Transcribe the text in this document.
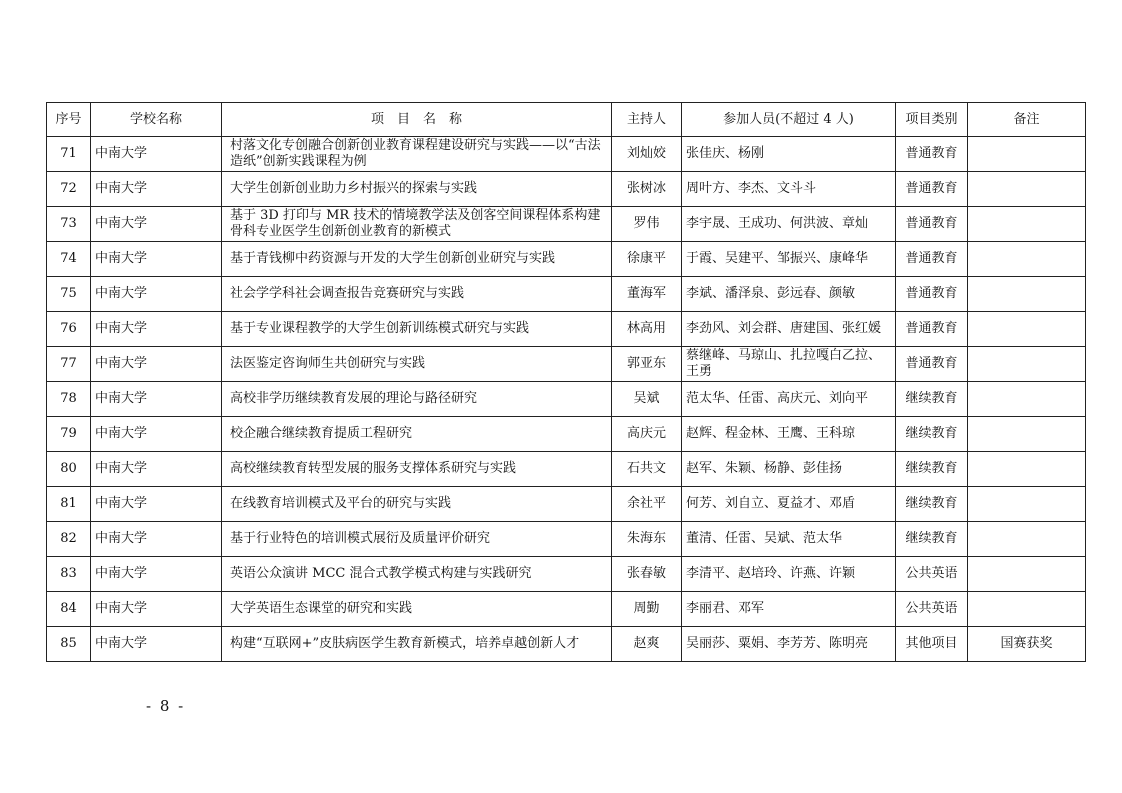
序号	学校名称	项　目　名　称	主持人	参加人员(不超过 4 人)	项目类别	备注
71	中南大学	村落文化专创融合创新创业教育课程建设研究与实践——以“古法造纸”创新实践课程为例	刘灿姣	张佳庆、杨刚	普通教育	
72	中南大学	大学生创新创业助力乡村振兴的探索与实践	张树冰	周叶方、李杰、文斗斗	普通教育	
73	中南大学	基于 3D 打印与 MR 技术的情境教学法及创客空间课程体系构建骨科专业医学生创新创业教育的新模式	罗伟	李宇晟、王成功、何洪波、章灿	普通教育	
74	中南大学	基于青钱柳中药资源与开发的大学生创新创业研究与实践	徐康平	于霞、吴建平、邹振兴、康峰华	普通教育	
75	中南大学	社会学学科社会调查报告竞赛研究与实践	董海军	李斌、潘泽泉、彭远春、颜敏	普通教育	
76	中南大学	基于专业课程教学的大学生创新训练模式研究与实践	林高用	李劲风、刘会群、唐建国、张红媛	普通教育	
77	中南大学	法医鉴定咨询师生共创研究与实践	郭亚东	蔡继峰、马琼山、扎拉嘎白乙拉、王勇	普通教育	
78	中南大学	高校非学历继续教育发展的理论与路径研究	吴斌	范太华、任雷、高庆元、刘向平	继续教育	
79	中南大学	校企融合继续教育提质工程研究	高庆元	赵辉、程金林、王鹰、王科琼	继续教育	
80	中南大学	高校继续教育转型发展的服务支撑体系研究与实践	石共文	赵军、朱颖、杨静、彭佳扬	继续教育	
81	中南大学	在线教育培训模式及平台的研究与实践	余社平	何芳、刘自立、夏益才、邓盾	继续教育	
82	中南大学	基于行业特色的培训模式展衍及质量评价研究	朱海东	董清、任雷、吴斌、范太华	继续教育	
83	中南大学	英语公众演讲 MCC 混合式教学模式构建与实践研究	张春敏	李清平、赵培玲、许燕、许颖	公共英语	
84	中南大学	大学英语生态课堂的研究和实践	周勤	李丽君、邓军	公共英语	
85	中南大学	构建“互联网+”皮肤病医学生教育新模式，培养卓越创新人才	赵爽	吴丽莎、粟娟、李芳芳、陈明亮	其他项目	国赛获奖
- 8 -
